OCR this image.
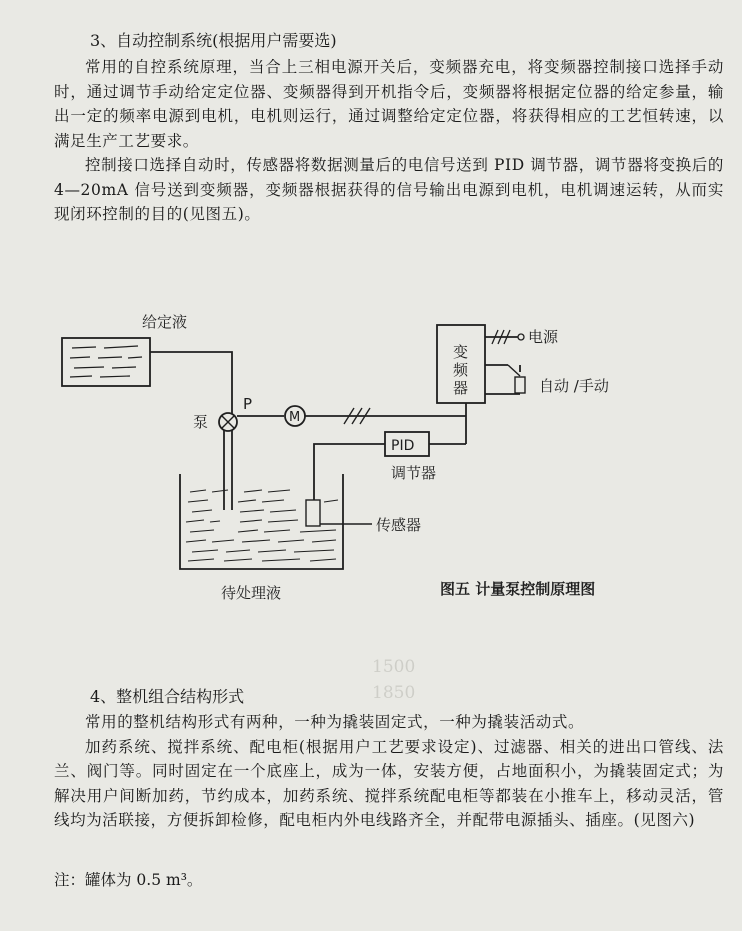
1500
1850
3、自动控制系统(根据用户需要选)

常用的自控系统原理，当合上三相电源开关后，变频器充电，将变频器控制接口选择手动时，通过调节手动给定定位器、变频器得到开机指令后，变频器将根据定位器的给定参量，输出一定的频率电源到电机，电机则运行，通过调整给定定位器，将获得相应的工艺恒转速，以满足生产工艺要求。

控制接口选择自动时，传感器将数据测量后的电信号送到 PID 调节器，调节器将变换后的 4—20mA 信号送到变频器，变频器根据获得的信号输出电源到电机，电机调速运转，从而实现闭环控制的目的(见图五)。

给定液
泵
P
M
电源
自动 /手动
PID
调节器
传感器
待处理液	图五 计量泵控制原理图
变频器
4、整机组合结构形式

常用的整机结构形式有两种，一种为撬装固定式，一种为撬装活动式。

加药系统、搅拌系统、配电柜(根据用户工艺要求设定)、过滤器、相关的进出口管线、法兰、阀门等。同时固定在一个底座上，成为一体，安装方便，占地面积小，为撬装固定式；为解决用户间断加药，节约成本，加药系统、搅拌系统配电柜等都装在小推车上，移动灵活，管线均为活联接，方便拆卸检修，配电柜内外电线路齐全，并配带电源插头、插座。(见图六)

注：罐体为 0.5 m³。
